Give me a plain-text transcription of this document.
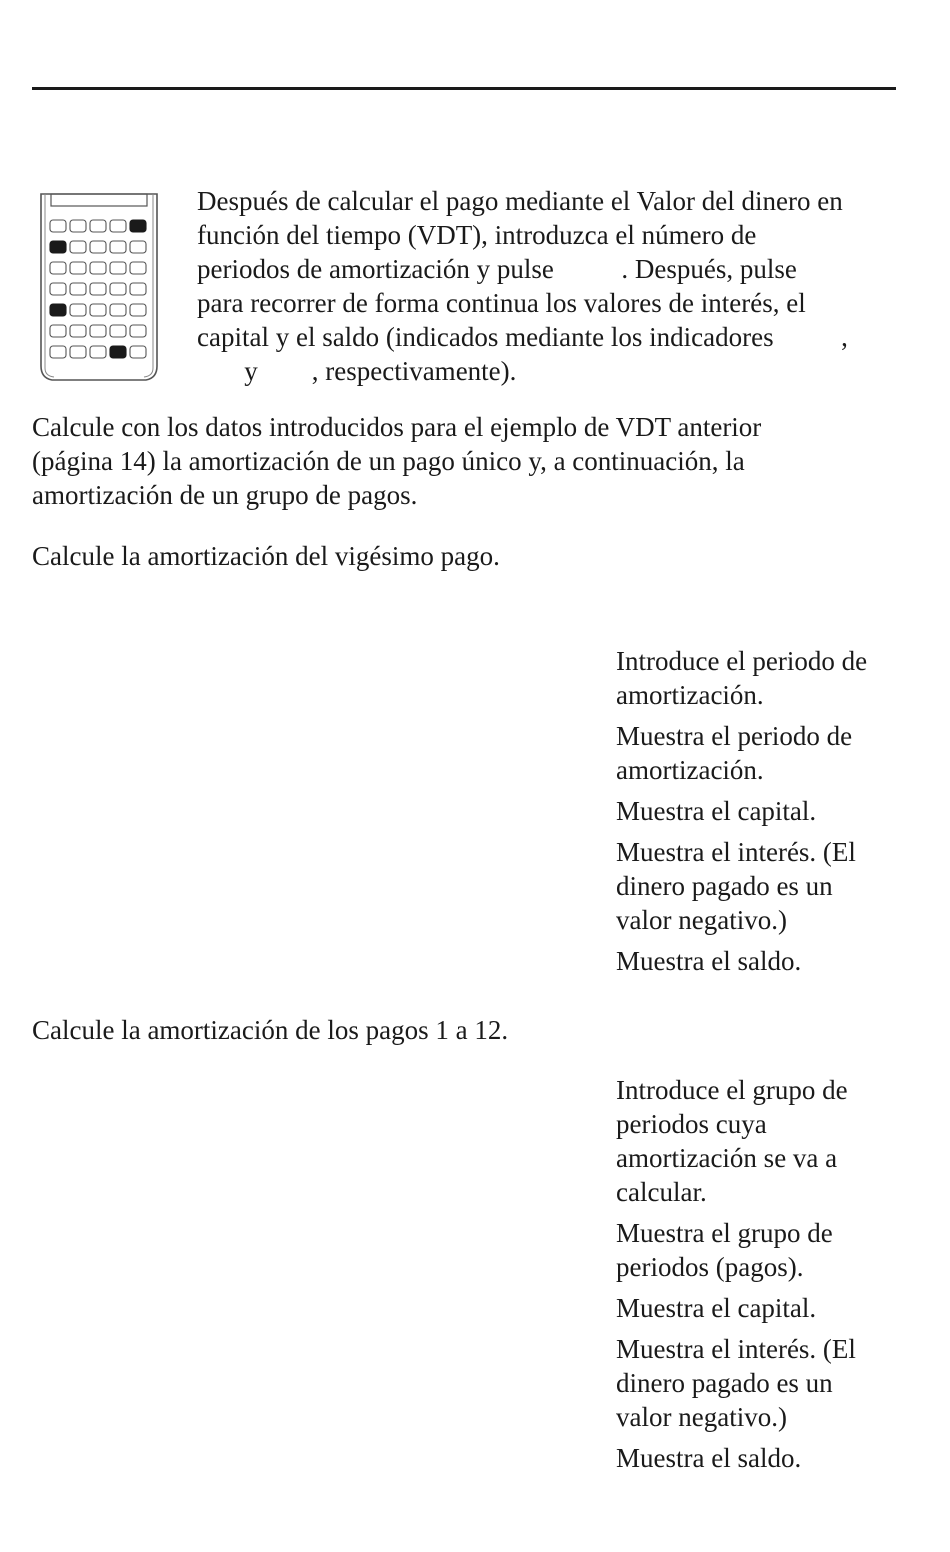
Después de calcular el pago mediante el Valor del dinero en
función del tiempo (VDT), introduzca el número de
periodos de amortización y pulse          . Después, pulse
para recorrer de forma continua los valores de interés, el
capital y el saldo (indicados mediante los indicadores          ,
y        , respectivamente).

Calcule con los datos introducidos para el ejemplo de VDT anterior
(página 14) la amortización de un pago único y, a continuación, la
amortización de un grupo de pagos.

Calcule la amortización del vigésimo pago.

Introduce el periodo de
amortización.
Muestra el periodo de
amortización.
Muestra el capital.
Muestra el interés. (El
dinero pagado es un
valor negativo.)
Muestra el saldo.

Calcule la amortización de los pagos 1 a 12.

Introduce el grupo de
periodos cuya
amortización se va a
calcular.
Muestra el grupo de
periodos (pagos).
Muestra el capital.
Muestra el interés. (El
dinero pagado es un
valor negativo.)
Muestra el saldo.
